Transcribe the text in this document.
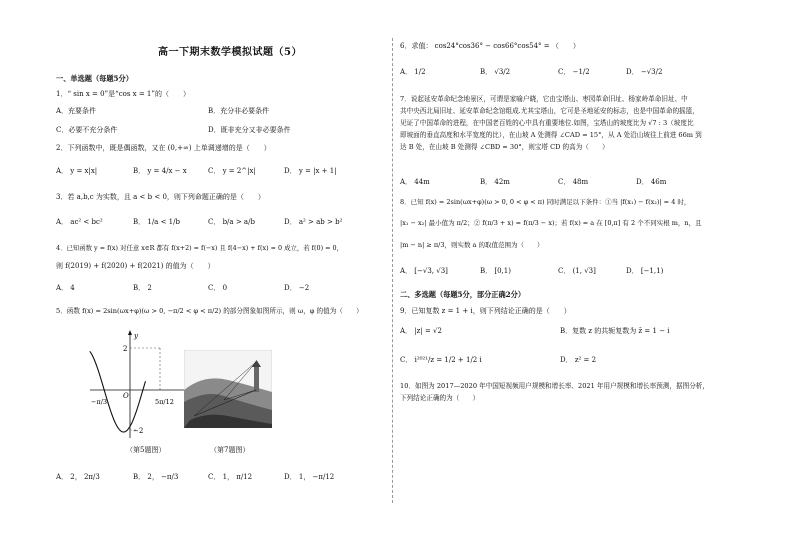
高一下期末数学模拟试题（5）
一、单选题（每题5分）
1．“ sin x = 0”是“cos x = 1”的（　　）
A．充要条件	B．充分非必要条件
C．必要不充分条件	D．既非充分又非必要条件
2．下列函数中，既是偶函数，又在 (0,+∞) 上单调递增的是（　　）
A． y = x|x|	B． y = 4/x − x	C． y = 2^|x|	D． y = |x + 1|
3．若 a,b,c 为实数，且 a < b < 0，则下列命题正确的是（　　）
A． ac² < bc²	B． 1/a < 1/b	C． b/a > a/b	D． a² > ab > b²
4．已知函数 y = f(x) 对任意 x∈R 都有 f(x+2) = f(−x) 且 f(4−x) + f(x) = 0 成立，若 f(0) = 0，
则 f(2019) + f(2020) + f(2021) 的值为（　　）
A． 4	B． 2	C． 0	D． −2
5．函数 f(x) = 2sin(ωx+φ)(ω > 0, −π/2 < φ < π/2) 的部分图象如图所示，则 ω，φ 的值为（　　）
y
O
2
−2
−π/3	5π/12
（第5题图）	（第7题图）
A． 2， 2π/3	B． 2， −π/3	C． 1， π/12	D． 1， −π/12
6．求值： cos24°cos36° − cos66°cos54° = （　　）
A． 1/2	B． √3/2	C． −1/2	D． −√3/2
7．说起延安革命纪念地景区，可谓是家喻户晓，它由宝塔山、枣园革命旧址、杨家岭革命旧址、中
共中央西北局旧址、延安革命纪念馆组成.尤其宝塔山，它可是圣地延安的标志，也是中国革命的摇篮，
见证了中国革命的进程，在中国老百姓的心中具有重要地位.如图，宝塔山的坡度比为 √7 : 3（坡度比
即坡面的垂直高度和水平宽度的比），在山坡 A 处测得 ∠CAD = 15°，从 A 处沿山坡往上前进 66m 到
达 B 处，在山坡 B 处测得 ∠CBD = 30°，则宝塔 CD 的高为（　　）
A． 44m	B． 42m	C． 48m	D． 46m
8．已知 f(x) = 2sin(ωx+φ)(ω > 0, 0 < φ < π) 同时满足以下条件：①当 |f(x₁) − f(x₂)| = 4 时，
|x₁ − x₂| 最小值为 π/2；② f(π/3 + x) = f(π/3 − x)；若 f(x) = a 在 [0,π] 有 2 个不同实根 m，n，且
|m − n| ≥ π/3，则实数 a 的取值范围为（　　）
A． [−√3, √3]	B． [0,1)	C． (1, √3]	D． [−1,1)
二、多选题（每题5分，部分正确2分）
9．已知复数 z = 1 + i，则下列结论正确的是（　　）
A． |z| = √2	B．复数 z 的共轭复数为 z̄ = 1 − i
C． i²⁰²¹/z = 1/2 + 1/2 i	D． z² = 2
10．如图为 2017—2020 年中国短视频用户规模和增长率、2021 年用户规模和增长率预测，据图分析，
下列结论正确的为（　　）
